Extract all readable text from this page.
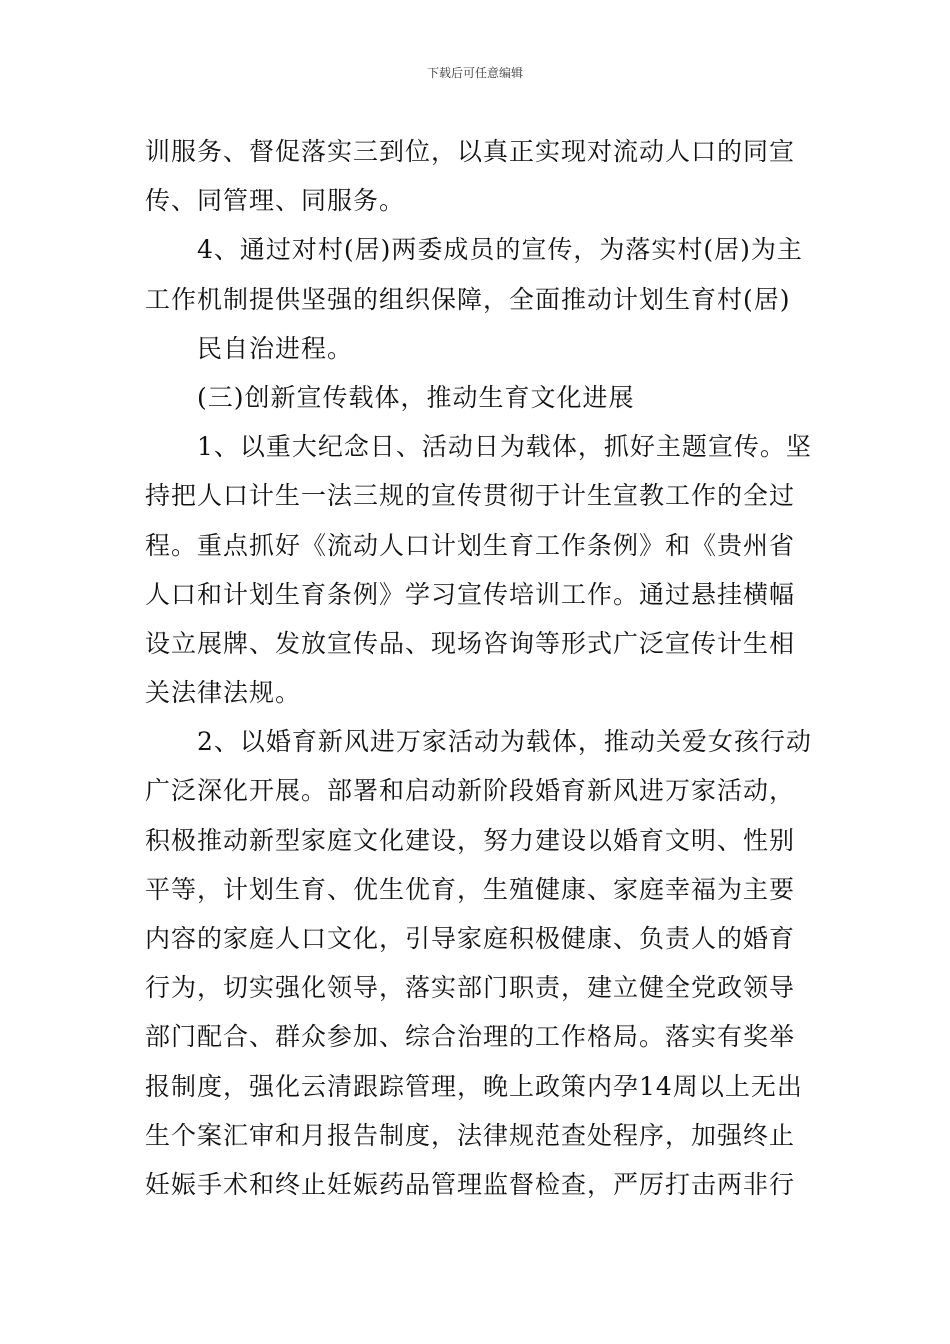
下载后可任意编辑
训服务、督促落实三到位，以真正实现对流动人口的同宣
传、同管理、同服务。
4、通过对村(居)两委成员的宣传，为落实村(居)为主
工作机制提供坚强的组织保障，全面推动计划生育村(居)
民自治进程。
(三)创新宣传载体，推动生育文化进展
1、以重大纪念日、活动日为载体，抓好主题宣传。坚
持把人口计生一法三规的宣传贯彻于计生宣教工作的全过
程。重点抓好《流动人口计划生育工作条例》和《贵州省
人口和计划生育条例》学习宣传培训工作。通过悬挂横幅
设立展牌、发放宣传品、现场咨询等形式广泛宣传计生相
关法律法规。
2、以婚育新风进万家活动为载体，推动关爱女孩行动
广泛深化开展。部署和启动新阶段婚育新风进万家活动，
积极推动新型家庭文化建设，努力建设以婚育文明、性别
平等，计划生育、优生优育，生殖健康、家庭幸福为主要
内容的家庭人口文化，引导家庭积极健康、负责人的婚育
行为，切实强化领导，落实部门职责，建立健全党政领导
部门配合、群众参加、综合治理的工作格局。落实有奖举
报制度，强化云清跟踪管理，晚上政策内孕14周以上无出
生个案汇审和月报告制度，法律规范查处程序，加强终止
妊娠手术和终止妊娠药品管理监督检查，严厉打击两非行
